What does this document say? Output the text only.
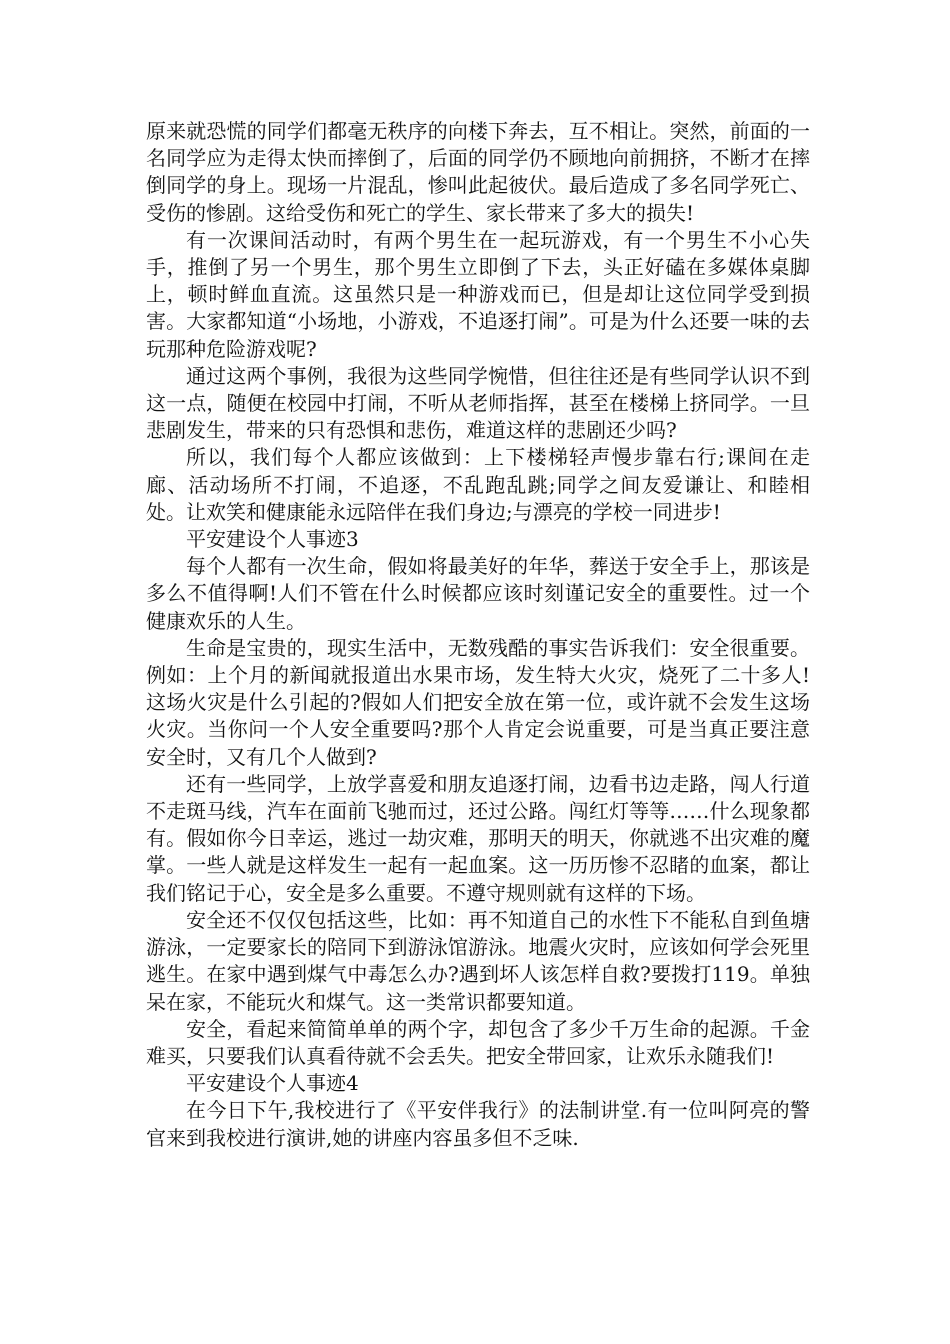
原来就恐慌的同学们都毫无秩序的向楼下奔去，互不相让。突然，前面的一名同学应为走得太快而摔倒了，后面的同学仍不顾地向前拥挤，不断才在摔倒同学的身上。现场一片混乱，惨叫此起彼伏。最后造成了多名同学死亡、受伤的惨剧。这给受伤和死亡的学生、家长带来了多大的损失!

有一次课间活动时，有两个男生在一起玩游戏，有一个男生不小心失手，推倒了另一个男生，那个男生立即倒了下去，头正好磕在多媒体桌脚上，顿时鲜血直流。这虽然只是一种游戏而已，但是却让这位同学受到损害。大家都知道“小场地，小游戏，不追逐打闹”。可是为什么还要一味的去玩那种危险游戏呢?

通过这两个事例，我很为这些同学惋惜，但往往还是有些同学认识不到这一点，随便在校园中打闹，不听从老师指挥，甚至在楼梯上挤同学。一旦悲剧发生，带来的只有恐惧和悲伤，难道这样的悲剧还少吗?

所以，我们每个人都应该做到：上下楼梯轻声慢步靠右行;课间在走廊、活动场所不打闹，不追逐，不乱跑乱跳;同学之间友爱谦让、和睦相处。让欢笑和健康能永远陪伴在我们身边;与漂亮的学校一同进步!

平安建设个人事迹3

每个人都有一次生命，假如将最美好的年华，葬送于安全手上，那该是多么不值得啊!人们不管在什么时候都应该时刻谨记安全的重要性。过一个健康欢乐的人生。

生命是宝贵的，现实生活中，无数残酷的事实告诉我们：安全很重要。例如：上个月的新闻就报道出水果市场，发生特大火灾，烧死了二十多人!这场火灾是什么引起的?假如人们把安全放在第一位，或许就不会发生这场火灾。当你问一个人安全重要吗?那个人肯定会说重要，可是当真正要注意安全时，又有几个人做到?

还有一些同学，上放学喜爱和朋友追逐打闹，边看书边走路，闯人行道不走斑马线，汽车在面前飞驰而过，还过公路。闯红灯等等……什么现象都有。假如你今日幸运，逃过一劫灾难，那明天的明天，你就逃不出灾难的魔掌。一些人就是这样发生一起有一起血案。这一历历惨不忍睹的血案，都让我们铭记于心，安全是多么重要。不遵守规则就有这样的下场。

安全还不仅仅包括这些，比如：再不知道自己的水性下不能私自到鱼塘游泳，一定要家长的陪同下到游泳馆游泳。地震火灾时，应该如何学会死里逃生。在家中遇到煤气中毒怎么办?遇到坏人该怎样自救?要拨打119。单独呆在家，不能玩火和煤气。这一类常识都要知道。

安全，看起来简简单单的两个字，却包含了多少千万生命的起源。千金难买，只要我们认真看待就不会丢失。把安全带回家，让欢乐永随我们!

平安建设个人事迹4

在今日下午,我校进行了《平安伴我行》的法制讲堂.有一位叫阿亮的警官来到我校进行演讲,她的讲座内容虽多但不乏味.
